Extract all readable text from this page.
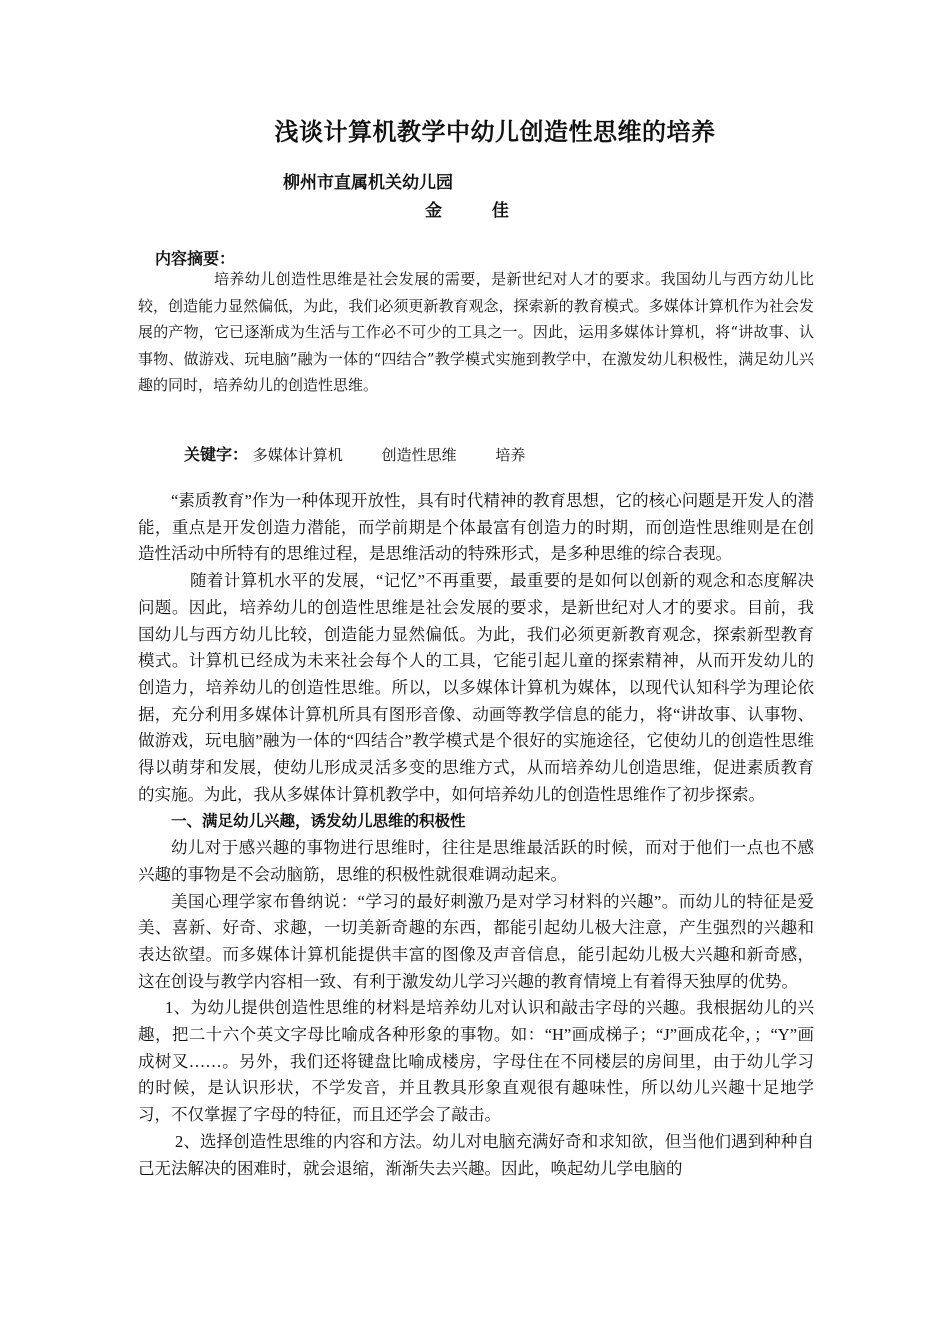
浅谈计算机教学中幼儿创造性思维的培养
柳州市直属机关幼儿园
金 佳
内容摘要：

培养幼儿创造性思维是社会发展的需要，是新世纪对人才的要求。我国幼儿与西方幼儿比较，创造能力显然偏低，为此，我们必须更新教育观念，探索新的教育模式。多媒体计算机作为社会发展的产物，它已逐渐成为生活与工作必不可少的工具之一。因此，运用多媒体计算机，将“讲故事、认事物、做游戏、玩电脑”融为一体的“四结合”教学模式实施到教学中，在激发幼儿积极性，满足幼儿兴趣的同时，培养幼儿的创造性思维。

关键字： 多媒体计算机	创造性思维	培养

“素质教育”作为一种体现开放性，具有时代精神的教育思想，它的核心问题是开发人的潜能，重点是开发创造力潜能，而学前期是个体最富有创造力的时期，而创造性思维则是在创造性活动中所特有的思维过程，是思维活动的特殊形式，是多种思维的综合表现。

随着计算机水平的发展，“记忆”不再重要，最重要的是如何以创新的观念和态度解决问题。因此，培养幼儿的创造性思维是社会发展的要求，是新世纪对人才的要求。目前，我国幼儿与西方幼儿比较，创造能力显然偏低。为此，我们必须更新教育观念，探索新型教育模式。计算机已经成为未来社会每个人的工具，它能引起儿童的探索精神，从而开发幼儿的创造力，培养幼儿的创造性思维。所以，以多媒体计算机为媒体，以现代认知科学为理论依据，充分利用多媒体计算机所具有图形音像、动画等教学信息的能力，将“讲故事、认事物、做游戏，玩电脑”融为一体的“四结合”教学模式是个很好的实施途径，它使幼儿的创造性思维得以萌芽和发展，使幼儿形成灵活多变的思维方式，从而培养幼儿创造思维，促进素质教育的实施。为此，我从多媒体计算机教学中，如何培养幼儿的创造性思维作了初步探索。

一、满足幼儿兴趣，诱发幼儿思维的积极性

幼儿对于感兴趣的事物进行思维时，往往是思维最活跃的时候，而对于他们一点也不感兴趣的事物是不会动脑筋，思维的积极性就很难调动起来。

美国心理学家布鲁纳说：“学习的最好刺激乃是对学习材料的兴趣”。而幼儿的特征是爱美、喜新、好奇、求趣，一切美新奇趣的东西，都能引起幼儿极大注意，产生强烈的兴趣和表达欲望。而多媒体计算机能提供丰富的图像及声音信息，能引起幼儿极大兴趣和新奇感，这在创设与教学内容相一致、有利于激发幼儿学习兴趣的教育情境上有着得天独厚的优势。

1、为幼儿提供创造性思维的材料是培养幼儿对认识和敲击字母的兴趣。我根据幼儿的兴趣，把二十六个英文字母比喻成各种形象的事物。如：“H”画成梯子；“J”画成花伞，；“Y”画成树叉……。另外，我们还将键盘比喻成楼房，字母住在不同楼层的房间里，由于幼儿学习的时候，是认识形状，不学发音，并且教具形象直观很有趣味性，所以幼儿兴趣十足地学习，不仅掌握了字母的特征，而且还学会了敲击。

2、选择创造性思维的内容和方法。幼儿对电脑充满好奇和求知欲，但当他们遇到种种自己无法解决的困难时，就会退缩，渐渐失去兴趣。因此，唤起幼儿学电脑的
